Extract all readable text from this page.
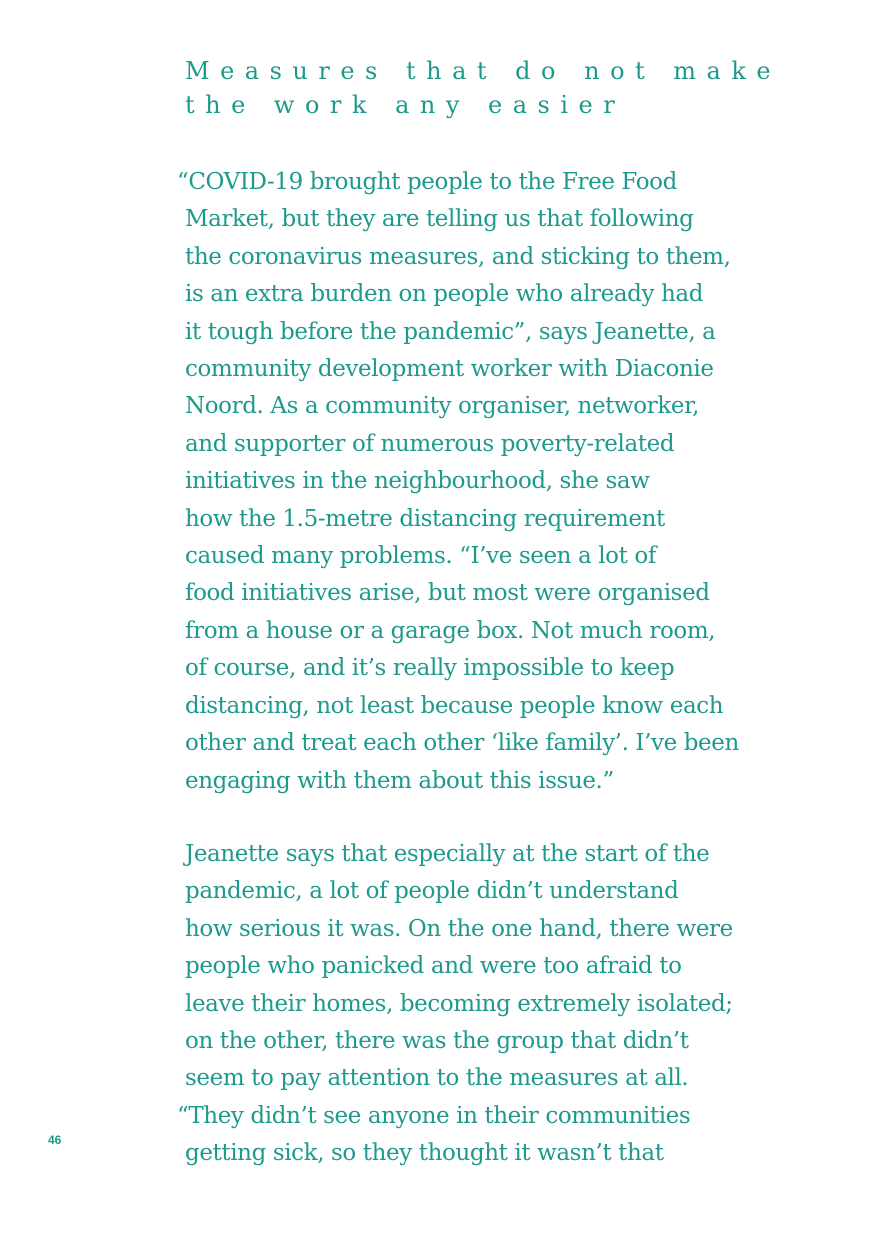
Measures that do not make
the work any easier
“COVID-19 brought people to the Free Food
Market, but they are telling us that following
the coronavirus measures, and sticking to them,
is an extra burden on people who already had
it tough before the pandemic”, says Jeanette, a
community development worker with Diaconie
Noord. As a community organiser, networker,
and supporter of numerous poverty-related
initiatives in the neighbourhood, she saw
how the 1.5-metre distancing requirement
caused many problems. “I’ve seen a lot of
food initiatives arise, but most were organised
from a house or a garage box. Not much room,
of course, and it’s really impossible to keep
distancing, not least because people know each
other and treat each other ‘like family’. I’ve been
engaging with them about this issue.”
Jeanette says that especially at the start of the
pandemic, a lot of people didn’t understand
how serious it was. On the one hand, there were
people who panicked and were too afraid to
leave their homes, becoming extremely isolated;
on the other, there was the group that didn’t
seem to pay attention to the measures at all.
“They didn’t see anyone in their communities
getting sick, so they thought it wasn’t that
46
